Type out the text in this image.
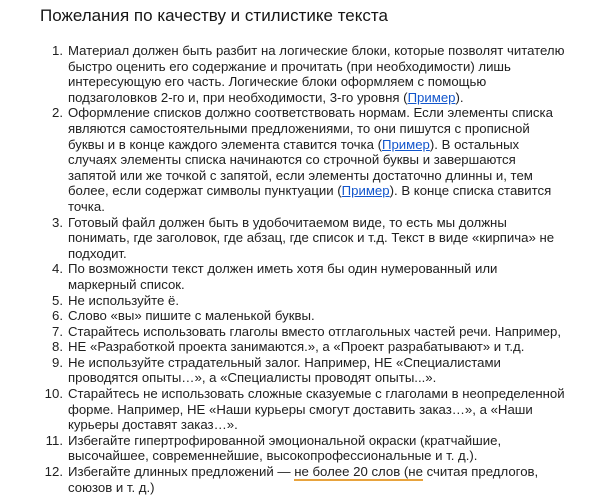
Пожелания по качеству и стилистике текста
1. Материал должен быть разбит на логические блоки, которые позволят читателю
быстро оценить его содержание и прочитать (при необходимости) лишь
интересующую его часть. Логические блоки оформляем с помощью
подзаголовков 2-го и, при необходимости, 3-го уровня (Пример).
2. Оформление списков должно соответствовать нормам. Если элементы списка
являются самостоятельными предложениями, то они пишутся с прописной
буквы и в конце каждого элемента ставится точка (Пример). В остальных
случаях элементы списка начинаются со строчной буквы и завершаются
запятой или же точкой с запятой, если элементы достаточно длинны и, тем
более, если содержат символы пунктуации (Пример). В конце списка ставится
точка.
3. Готовый файл должен быть в удобочитаемом виде, то есть мы должны
понимать, где заголовок, где абзац, где список и т.д. Текст в виде «кирпича» не
подходит.
4. По возможности текст должен иметь хотя бы один нумерованный или
маркерный список.
5. Не используйте ё.
6. Слово «вы» пишите с маленькой буквы.
7. Старайтесь использовать глаголы вместо отглагольных частей речи. Например,
8. НЕ «Разработкой проекта занимаются.», а «Проект разрабатывают» и т.д.
9. Не используйте страдательный залог. Например, НЕ «Специалистами
проводятся опыты…», а «Специалисты проводят опыты...».
10. Старайтесь не использовать сложные сказуемые с глаголами в неопределенной
форме. Например, НЕ «Наши курьеры смогут доставить заказ…», а «Наши
курьеры доставят заказ…».
11. Избегайте гипертрофированной эмоциональной окраски (кратчайшие,
высочайшее, современнейшие, высокопрофессиональные и т. д.).
12. Избегайте длинных предложений — не более 20 слов (не считая предлогов,
союзов и т. д.)
